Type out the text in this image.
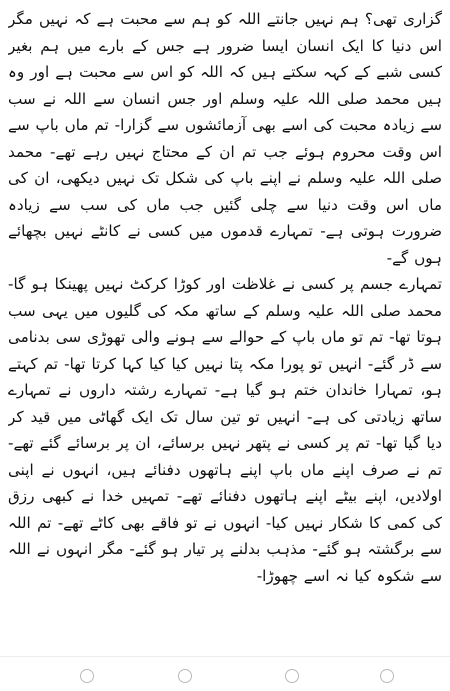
گزاری تھی؟ ہم نہیں جانتے اللہ کو ہم سے محبت ہے کہ نہیں مگر اس دنیا کا ایک انسان ایسا ضرور ہے جس کے بارے میں ہم بغیر کسی شبے کے کہہ سکتے ہیں کہ اللہ کو اس سے محبت ہے اور وہ ہیں محمد صلی اللہ علیہ وسلم اور جس انسان سے اللہ نے سب سے زیادہ محبت کی اسے بھی آزمائشوں سے گزارا- تم ماں باپ سے اس وقت محروم ہوئے جب تم ان کے محتاج نہیں رہے تھے- محمد صلی اللہ علیہ وسلم نے اپنے باپ کی شکل تک نہیں دیکھی، ان کی ماں اس وقت دنیا سے چلی گئیں جب ماں کی سب سے زیادہ ضرورت ہوتی ہے- تمہارے قدموں میں کسی نے کانٹے نہیں بچھائے ہوں گے-

تمہارے جسم پر کسی نے غلاظت اور کوڑا کرکٹ نہیں پھینکا ہو گا- محمد صلی اللہ علیہ وسلم کے ساتھ مکہ کی گلیوں میں یہی سب ہوتا تھا- تم تو ماں باپ کے حوالے سے ہونے والی تھوڑی سی بدنامی سے ڈر گئے- انہیں تو پورا مکہ پتا نہیں کیا کیا کہا کرتا تھا- تم کہتے ہو، تمہارا خاندان ختم ہو گیا ہے- تمہارے رشتہ داروں نے تمہارے ساتھ زیادتی کی ہے- انہیں تو تین سال تک ایک گھاٹی میں قید کر دیا گیا تھا- تم پر کسی نے پتھر نہیں برسائے، ان پر برسائے گئے تھے- تم نے صرف اپنے ماں باپ اپنے ہاتھوں دفنائے ہیں، انہوں نے اپنی اولادیں، اپنے بیٹے اپنے ہاتھوں دفنائے تھے- تمہیں خدا نے کبھی رزق کی کمی کا شکار نہیں کیا- انہوں نے تو فاقے بھی کاٹے تھے- تم اللہ سے برگشتہ ہو گئے- مذہب بدلنے پر تیار ہو گئے- مگر انہوں نے اللہ سے شکوہ کیا نہ اسے چھوڑا-
